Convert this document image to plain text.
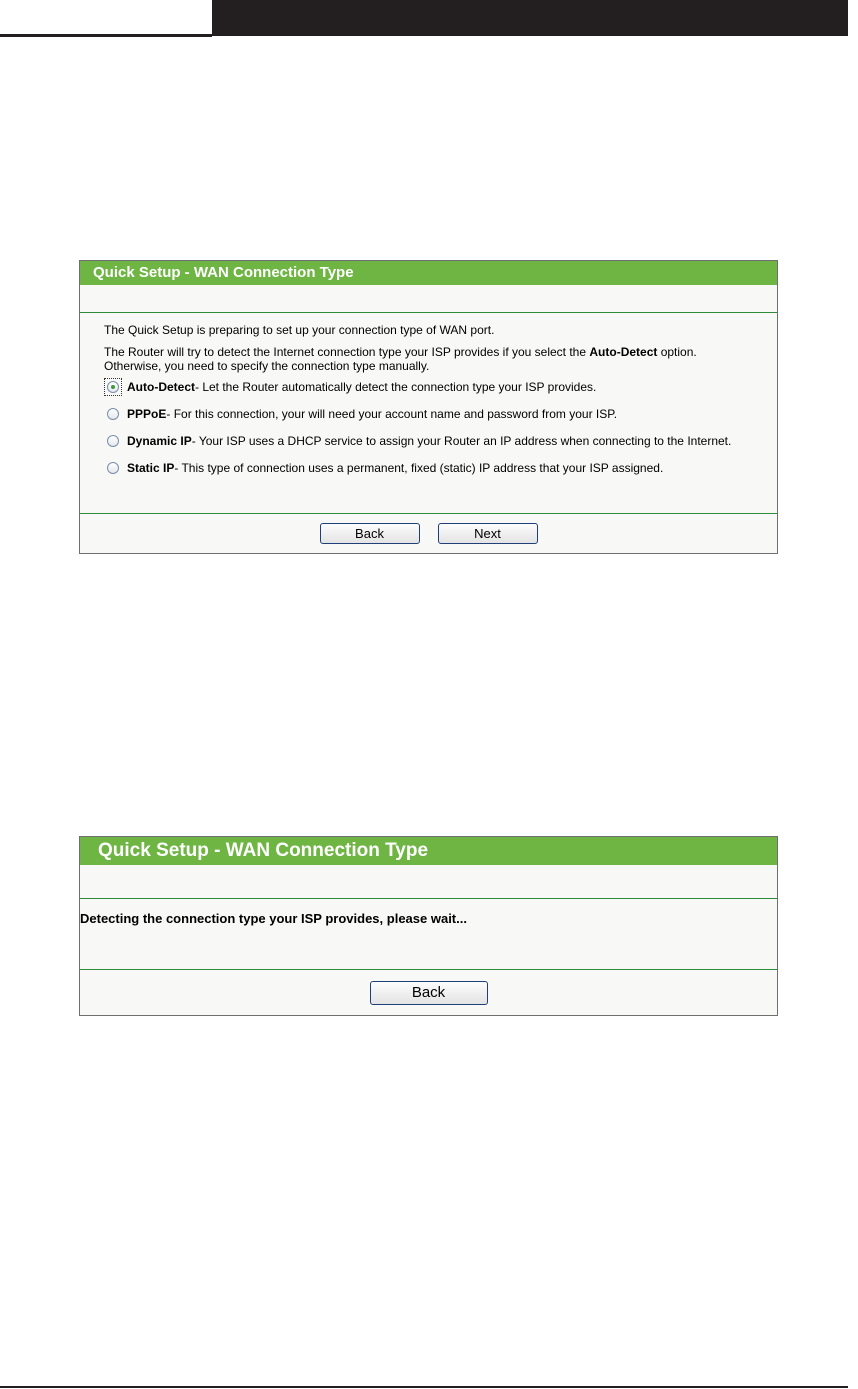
Quick Setup - WAN Connection Type

The Quick Setup is preparing to set up your connection type of WAN port.

The Router will try to detect the Internet connection type your ISP provides if you select the Auto-Detect option.
Otherwise, you need to specify the connection type manually.

Auto-Detect - Let the Router automatically detect the connection type your ISP provides.
PPPoE - For this connection, your will need your account name and password from your ISP.
Dynamic IP - Your ISP uses a DHCP service to assign your Router an IP address when connecting to the Internet.
Static IP - This type of connection uses a permanent, fixed (static) IP address that your ISP assigned.
Back	Next
Quick Setup - WAN Connection Type
Detecting the connection type your ISP provides, please wait...
Back
